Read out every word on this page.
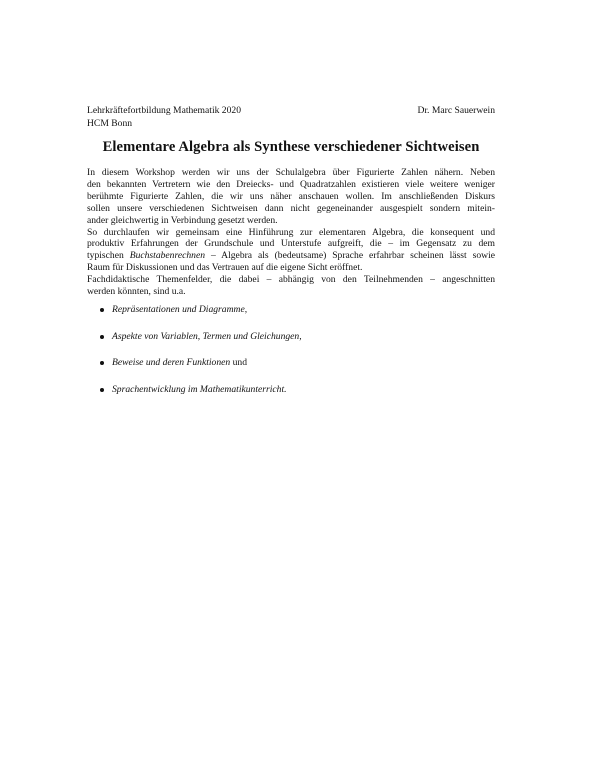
Lehrkräftefortbildung Mathematik 2020	Dr. Marc Sauerwein
HCM Bonn
Elementare Algebra als Synthese verschiedener Sichtweisen

In diesem Workshop werden wir uns der Schulalgebra über Figurierte Zahlen nähern. Neben
den bekannten Vertretern wie den Dreiecks- und Quadratzahlen existieren viele weitere weniger
berühmte Figurierte Zahlen, die wir uns näher anschauen wollen. Im anschließenden Diskurs
sollen unsere verschiedenen Sichtweisen dann nicht gegeneinander ausgespielt sondern mitein-
ander gleichwertig in Verbindung gesetzt werden.

So durchlaufen wir gemeinsam eine Hinführung zur elementaren Algebra, die konsequent und
produktiv Erfahrungen der Grundschule und Unterstufe aufgreift, die – im Gegensatz zu dem
typischen Buchstabenrechnen – Algebra als (bedeutsame) Sprache erfahrbar scheinen lässt sowie
Raum für Diskussionen und das Vertrauen auf die eigene Sicht eröffnet.

Fachdidaktische Themenfelder, die dabei – abhängig von den Teilnehmenden – angeschnitten
werden könnten, sind u.a.

Repräsentationen und Diagramme,
Aspekte von Variablen, Termen und Gleichungen,
Beweise und deren Funktionen und
Sprachentwicklung im Mathematikunterricht.
